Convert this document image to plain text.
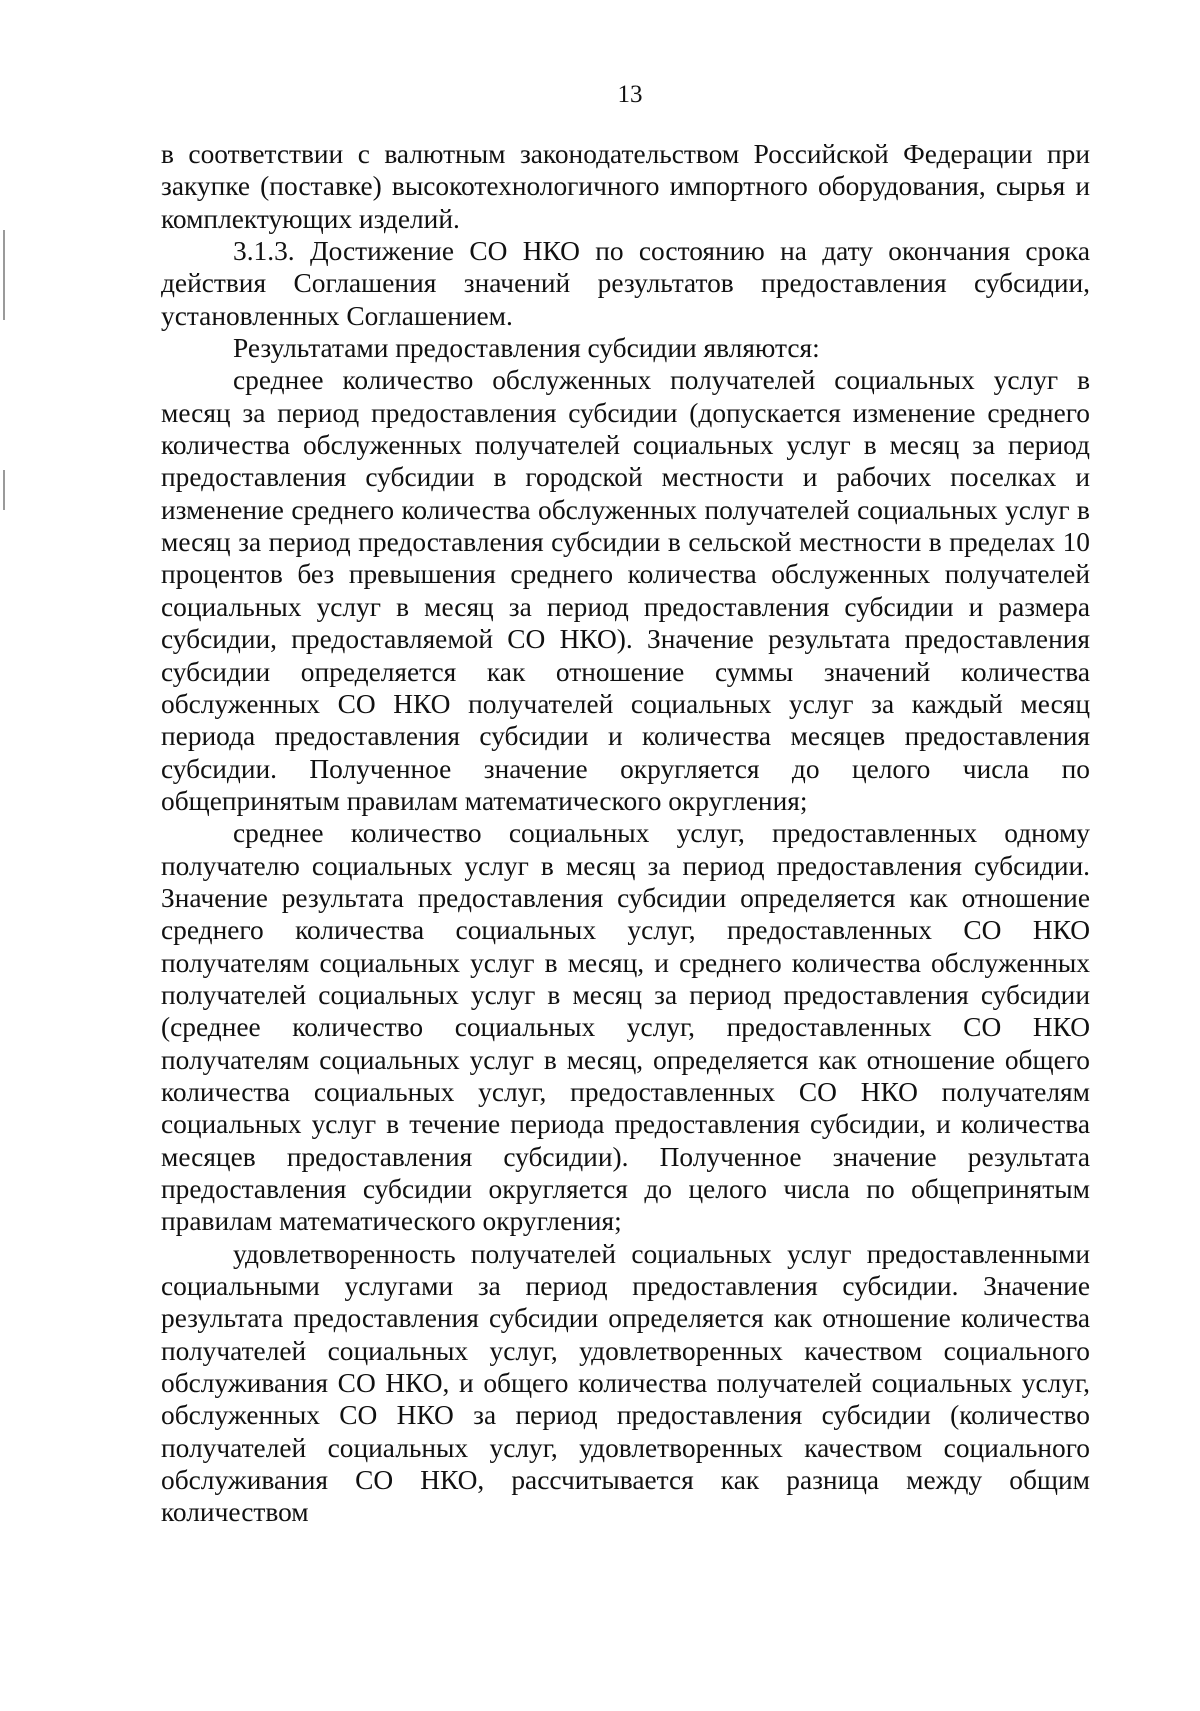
13

в соответствии с валютным законодательством Российской Федерации при закупке (поставке) высокотехнологичного импортного оборудования, сырья и комплектующих изделий.

3.1.3. Достижение СО НКО по состоянию на дату окончания срока действия Соглашения значений результатов предоставления субсидии, установленных Соглашением.

Результатами предоставления субсидии являются:

среднее количество обслуженных получателей социальных услуг в месяц за период предоставления субсидии (допускается изменение среднего количества обслуженных получателей социальных услуг в месяц за период предоставления субсидии в городской местности и рабочих поселках и изменение среднего количества обслуженных получателей социальных услуг в месяц за период предоставления субсидии в сельской местности в пределах 10 процентов без превышения среднего количества обслуженных получателей социальных услуг в месяц за период предоставления субсидии и размера субсидии, предоставляемой СО НКО). Значение результата предоставления субсидии определяется как отношение суммы значений количества обслуженных СО НКО получателей социальных услуг за каждый месяц периода предоставления субсидии и количества месяцев предоставления субсидии. Полученное значение округляется до целого числа по общепринятым правилам математического округления;

среднее количество социальных услуг, предоставленных одному получателю социальных услуг в месяц за период предоставления субсидии. Значение результата предоставления субсидии определяется как отношение среднего количества социальных услуг, предоставленных СО НКО получателям социальных услуг в месяц, и среднего количества обслуженных получателей социальных услуг в месяц за период предоставления субсидии (среднее количество социальных услуг, предоставленных СО НКО получателям социальных услуг в месяц, определяется как отношение общего количества социальных услуг, предоставленных СО НКО получателям социальных услуг в течение периода предоставления субсидии, и количества месяцев предоставления субсидии). Полученное значение результата предоставления субсидии округляется до целого числа по общепринятым правилам математического округления;

удовлетворенность получателей социальных услуг предоставленными социальными услугами за период предоставления субсидии. Значение результата предоставления субсидии определяется как отношение количества получателей социальных услуг, удовлетворенных качеством социального обслуживания СО НКО, и общего количества получателей социальных услуг, обслуженных СО НКО за период предоставления субсидии (количество получателей социальных услуг, удовлетворенных качеством социального обслуживания СО НКО, рассчитывается как разница между общим количеством
